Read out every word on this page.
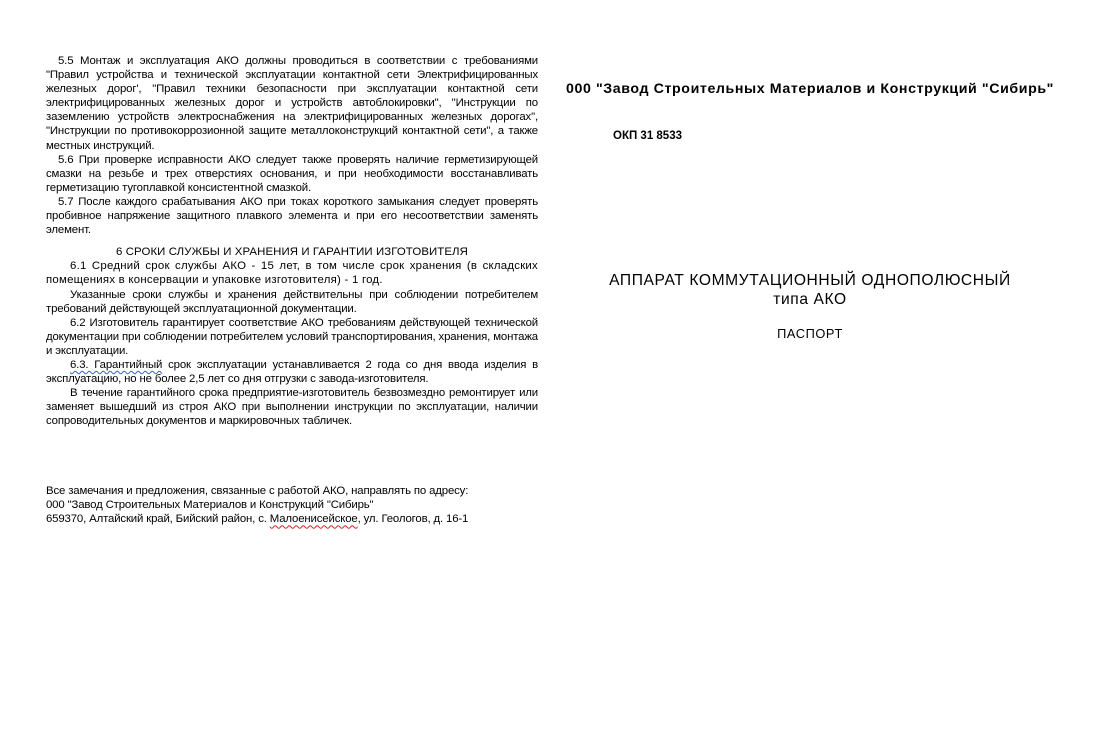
5.5 Монтаж и эксплуатация АКО должны проводиться в соответствии с требованиями "Правил устройства и технической эксплуатации контактной сети Электрифицированных железных дорог', "Правил техники безопасности при эксплуатации контактной сети электрифицированных железных дорог и устройств автоблокировки", "Инструкции по заземлению устройств электроснабжения на электрифицированных железных дорогах", "Инструкции по противокоррозионной защите металлоконструкций контактной сети", а также местных инструкций.

5.6 При проверке исправности АКО следует также проверять наличие герметизирующей смазки на резьбе и трех отверстиях основания, и при необходимости восстанавливать герметизацию тугоплавкой консистентной смазкой.

5.7 После каждого срабатывания АКО при токах короткого замыкания следует проверять пробивное напряжение защитного плавкого элемента и при его несоответствии заменять элемент.

6 СРОКИ СЛУЖБЫ И ХРАНЕНИЯ И ГАРАНТИИ ИЗГОТОВИТЕЛЯ

6.1 Средний срок службы АКО - 15 лет, в том числе срок хранения (в складских помещениях в консервации и упаковке изготовителя) - 1 год.

Указанные сроки службы и хранения действительны при соблюдении потребителем требований действующей эксплуатационной документации.

6.2 Изготовитель гарантирует соответствие АКО требованиям действующей технической документации при соблюдении потребителем условий транспортирования, хранения, монтажа и эксплуатации.

6.3. Гарантийный срок эксплуатации устанавливается 2 года со дня ввода изделия в эксплуатацию, но не более 2,5 лет со дня отгрузки с завода-изготовителя.

В течение гарантийного срока предприятие-изготовитель безвозмездно ремонтирует или заменяет вышедший из строя АКО при выполнении инструкции по эксплуатации, наличии сопроводительных документов и маркировочных табличек.

Все замечания и предложения, связанные с работой АКО, направлять по адресу:
000 "Завод Строительных Материалов и Конструкций "Сибирь"
659370, Алтайский край, Бийский район, с. Малоенисейское, ул. Геологов, д. 16-1
000 "Завод Строительных Материалов и Конструкций "Сибирь"
ОКП 31 8533
АППАРАТ КОММУТАЦИОННЫЙ ОДНОПОЛЮСНЫЙ
типа АКО
ПАСПОРТ
